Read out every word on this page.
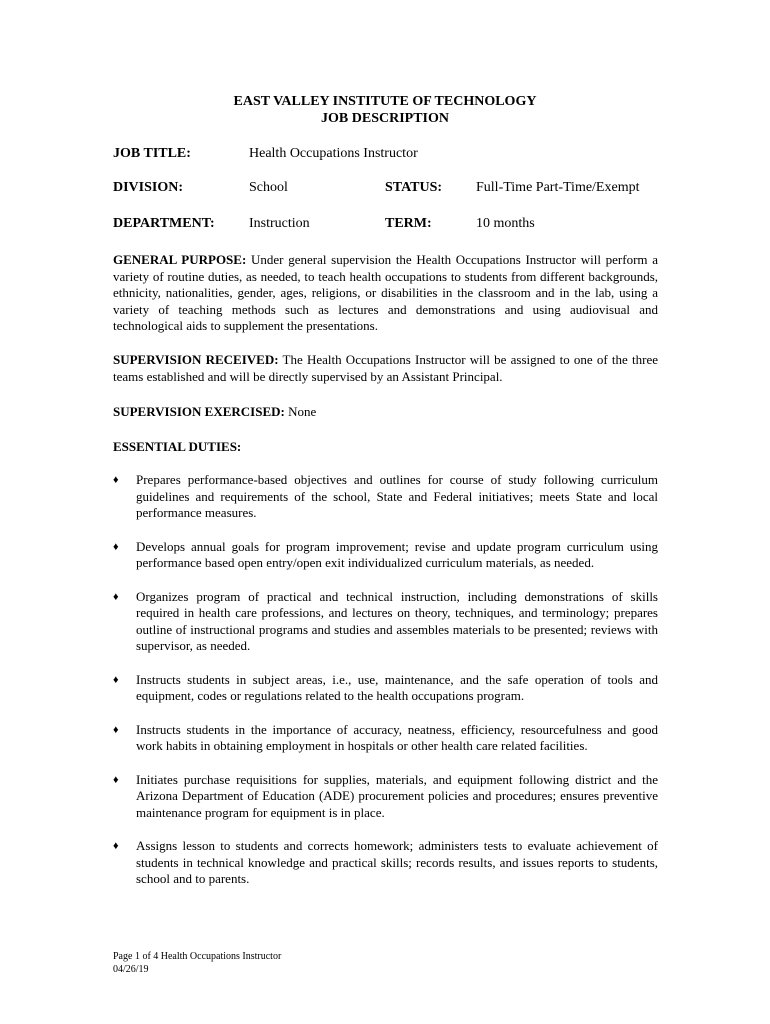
EAST VALLEY INSTITUTE OF TECHNOLOGY
JOB DESCRIPTION
JOB TITLE:	Health Occupations Instructor
DIVISION:	School	STATUS: Full-Time Part-Time/Exempt
DEPARTMENT: Instruction	TERM:	10 months
GENERAL PURPOSE: Under general supervision the Health Occupations Instructor will perform a variety of routine duties, as needed, to teach health occupations to students from different backgrounds, ethnicity, nationalities, gender, ages, religions, or disabilities in the classroom and in the lab, using a variety of teaching methods such as lectures and demonstrations and using audiovisual and technological aids to supplement the presentations.
SUPERVISION RECEIVED: The Health Occupations Instructor will be assigned to one of the three teams established and will be directly supervised by an Assistant Principal.
SUPERVISION EXERCISED: None
ESSENTIAL DUTIES:
♦ Prepares performance-based objectives and outlines for course of study following curriculum guidelines and requirements of the school, State and Federal initiatives; meets State and local performance measures.
♦ Develops annual goals for program improvement; revise and update program curriculum using performance based open entry/open exit individualized curriculum materials, as needed.
♦ Organizes program of practical and technical instruction, including demonstrations of skills required in health care professions, and lectures on theory, techniques, and terminology; prepares outline of instructional programs and studies and assembles materials to be presented; reviews with supervisor, as needed.
♦ Instructs students in subject areas, i.e., use, maintenance, and the safe operation of tools and equipment, codes or regulations related to the health occupations program.
♦ Instructs students in the importance of accuracy, neatness, efficiency, resourcefulness and good work habits in obtaining employment in hospitals or other health care related facilities.
♦ Initiates purchase requisitions for supplies, materials, and equipment following district and the Arizona Department of Education (ADE) procurement policies and procedures; ensures preventive maintenance program for equipment is in place.
♦ Assigns lesson to students and corrects homework; administers tests to evaluate achievement of students in technical knowledge and practical skills; records results, and issues reports to students, school and to parents.
Page 1 of 4 Health Occupations Instructor
04/26/19
